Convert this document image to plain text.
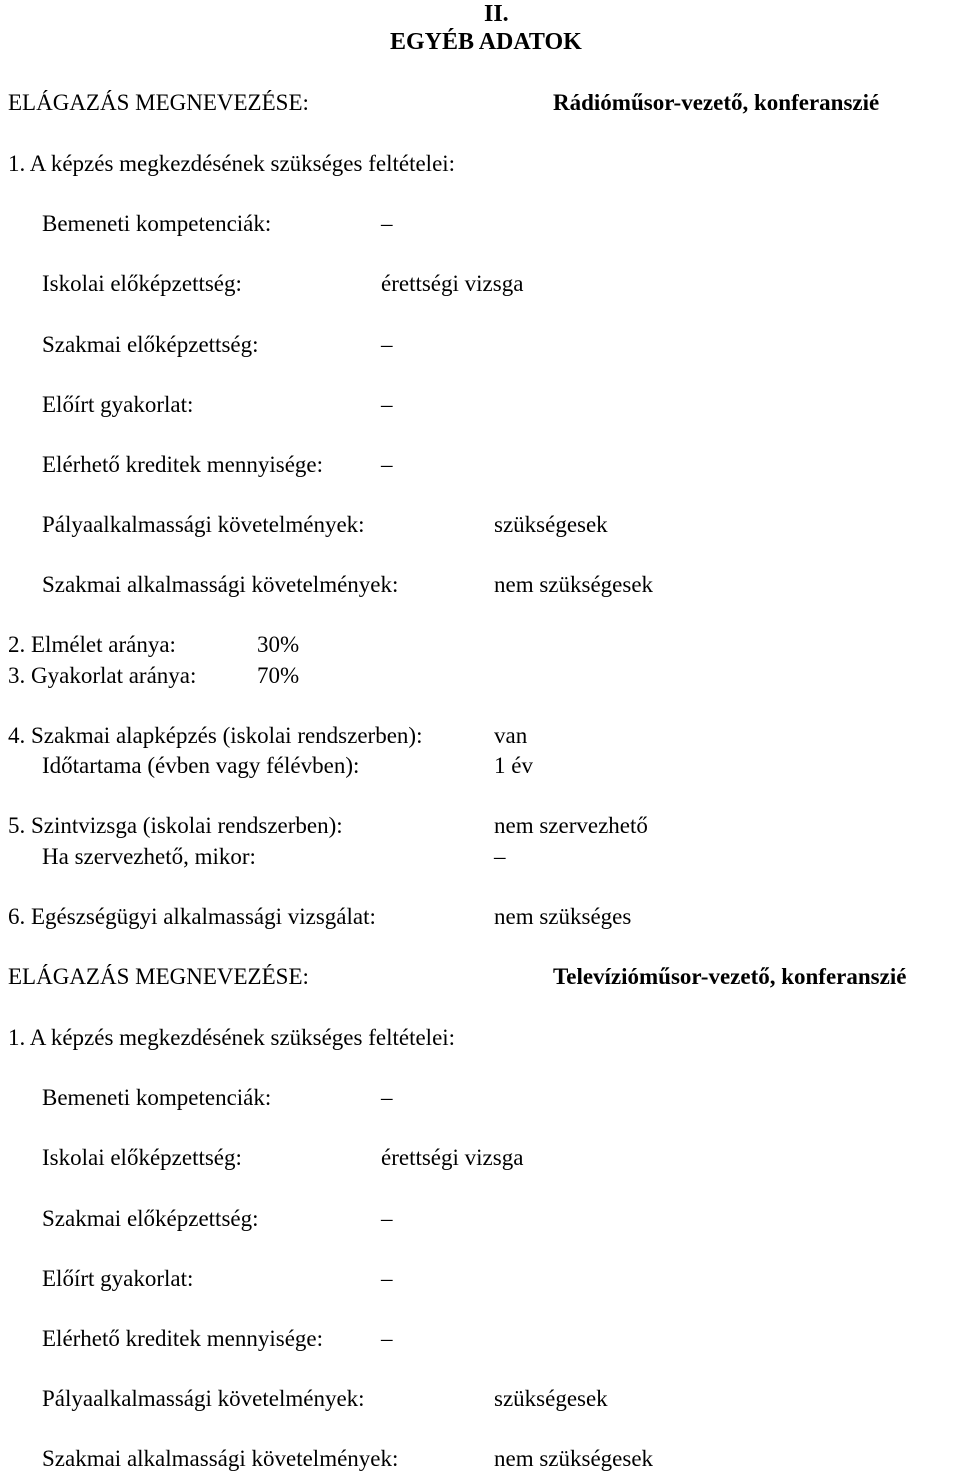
II.
EGYÉB ADATOK
ELÁGAZÁS MEGNEVEZÉSE:	Rádióműsor-vezető, konferanszié
1. A képzés megkezdésének szükséges feltételei:
Bemeneti kompetenciák:	–
Iskolai előképzettség:	érettségi vizsga
Szakmai előképzettség:	–
Előírt gyakorlat:	–
Elérhető kreditek mennyisége:	–
Pályaalkalmassági követelmények:	szükségesek
Szakmai alkalmassági követelmények:	nem szükségesek
2. Elmélet aránya:	30%
3. Gyakorlat aránya:	70%
4. Szakmai alapképzés (iskolai rendszerben):	van
Időtartama (évben vagy félévben):	1 év
5. Szintvizsga (iskolai rendszerben):	nem szervezhető
Ha szervezhető, mikor:	–
6. Egészségügyi alkalmassági vizsgálat:	nem szükséges
ELÁGAZÁS MEGNEVEZÉSE:	Televízióműsor-vezető, konferanszié
1. A képzés megkezdésének szükséges feltételei:
Bemeneti kompetenciák:	–
Iskolai előképzettség:	érettségi vizsga
Szakmai előképzettség:	–
Előírt gyakorlat:	–
Elérhető kreditek mennyisége:	–
Pályaalkalmassági követelmények:	szükségesek
Szakmai alkalmassági követelmények:	nem szükségesek
